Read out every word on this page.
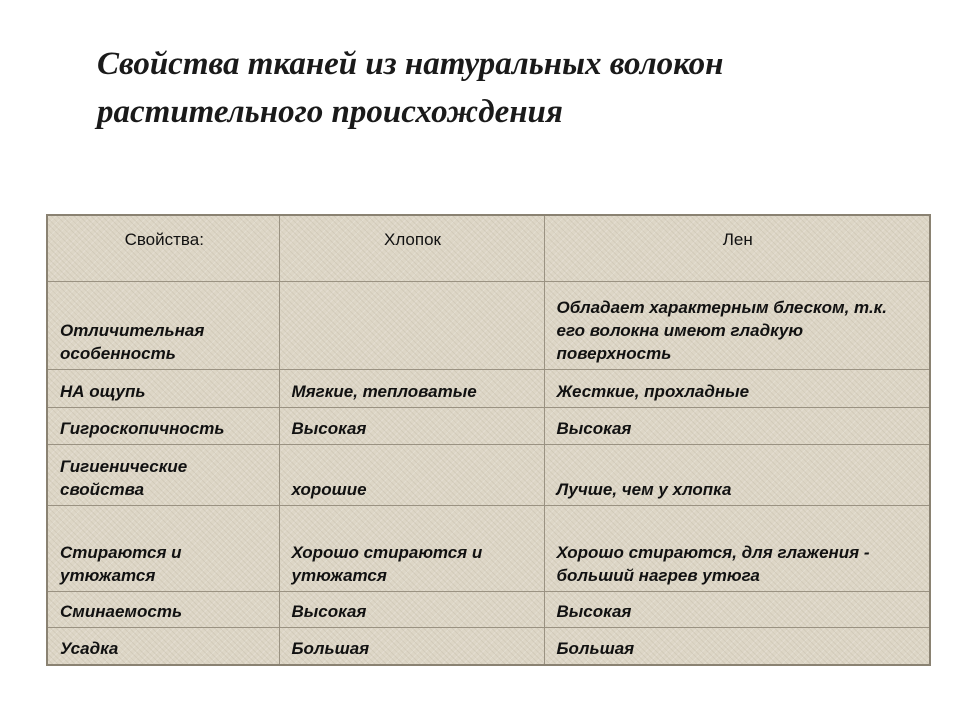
Свойства тканей из натуральных волокон
растительного происхождения
Свойства:	Хлопок	Лен
Отличительная особенность		Обладает характерным блеском, т.к. его волокна имеют гладкую поверхность
НА ощупь	Мягкие, тепловатые	Жесткие, прохладные
Гигроскопичность	Высокая	Высокая
Гигиенические свойства	хорошие	Лучше, чем у хлопка
Стираются и утюжатся	Хорошо стираются и утюжатся	Хорошо стираются, для глажения - больший нагрев утюга
Сминаемость	Высокая	Высокая
Усадка	Большая	Большая
